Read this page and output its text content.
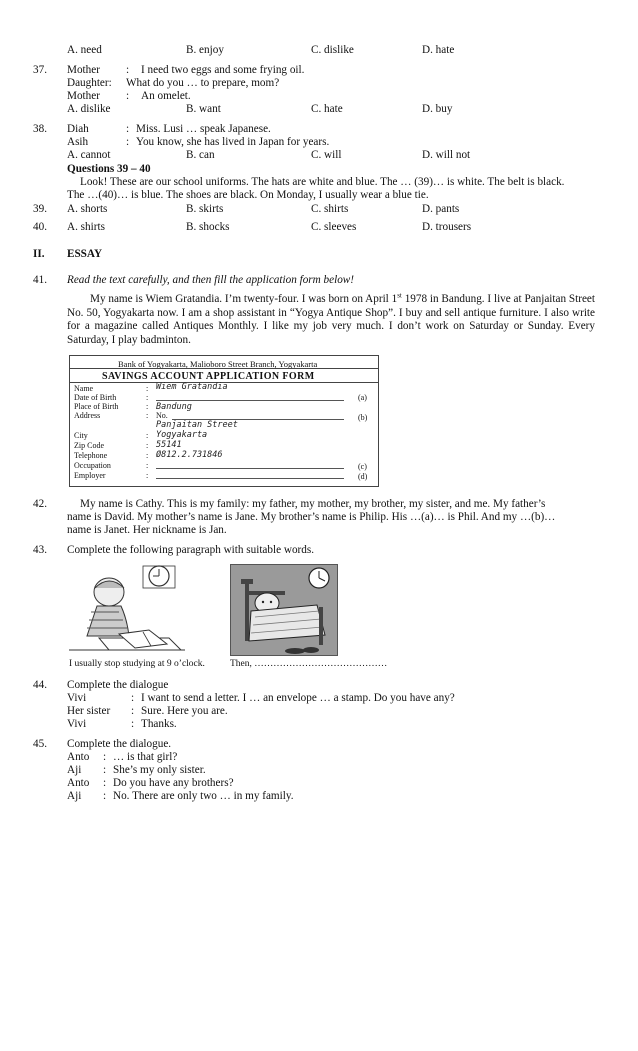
A. need	B. enjoy	C. dislike	D. hate
37. Mother : I need two eggs and some frying oil.
Daughter: What do you … to prepare, mom?
Mother : An omelet.
A. dislike	B. want	C. hate	D. buy
38. Diah	: Miss. Lusi … speak Japanese.
Asih	: You know, she has lived in Japan for years.
A. cannot	B. can	C. will	D. will not
Questions 39 – 40
Look! These are our school uniforms. The hats are white and blue. The … (39)… is white. The belt is black.
The …(40)… is blue. The shoes are black. On Monday, I usually wear a blue tie.
39. A. shorts	B. skirts	C. shirts	D. pants
40. A. shirts	B. shocks	C. sleeves	D. trousers
II. ESSAY
41. Read the text carefully, and then fill the application form below!
My name is Wiem Gratandia. I’m twenty-four. I was born on April 1st 1978 in Bandung. I live at Panjaitan Street No. 50, Yogyakarta now. I am a shop assistant in “Yogya Antique Shop”. I buy and sell antique furniture. I also write for a magazine called Antiques Monthly. I like my job very much. I don’t work on Saturday or Sunday. Every Saturday, I play badminton.
Bank of Yogyakarta, Malioboro Street Branch, Yogyakarta
SAVINGS ACCOUNT APPLICATION FORM
Name	: Wiem Gratandia
Date of Birth	:	(a)
Place of Birth	: Bandung
Address	: No.	(b)
Panjaitan Street
City	: Yogyakarta
Zip Code	: 55141
Telephone	: Ø812.2.731846
Occupation	:	(c)
Employer	:	(d)
42.	My name is Cathy. This is my family: my father, my mother, my brother, my sister, and me. My father’s
name is David. My mother’s name is Jane. My brother’s name is Philip. His …(a)… is Phil. And my …(b)…
name is Janet. Her nickname is Jan.
43. Complete the following paragraph with suitable words.
I usually stop studying at 9 o’clock.	Then, ……………………………………
44. Complete the dialogue
Vivi	: I want to send a letter. I … an envelope … a stamp. Do you have any?
Her sister : Sure. Here you are.
Vivi	: Thanks.
45. Complete the dialogue.
Anto : … is that girl?
Aji : She’s my only sister.
Anto : Do you have any brothers?
Aji : No. There are only two … in my family.
